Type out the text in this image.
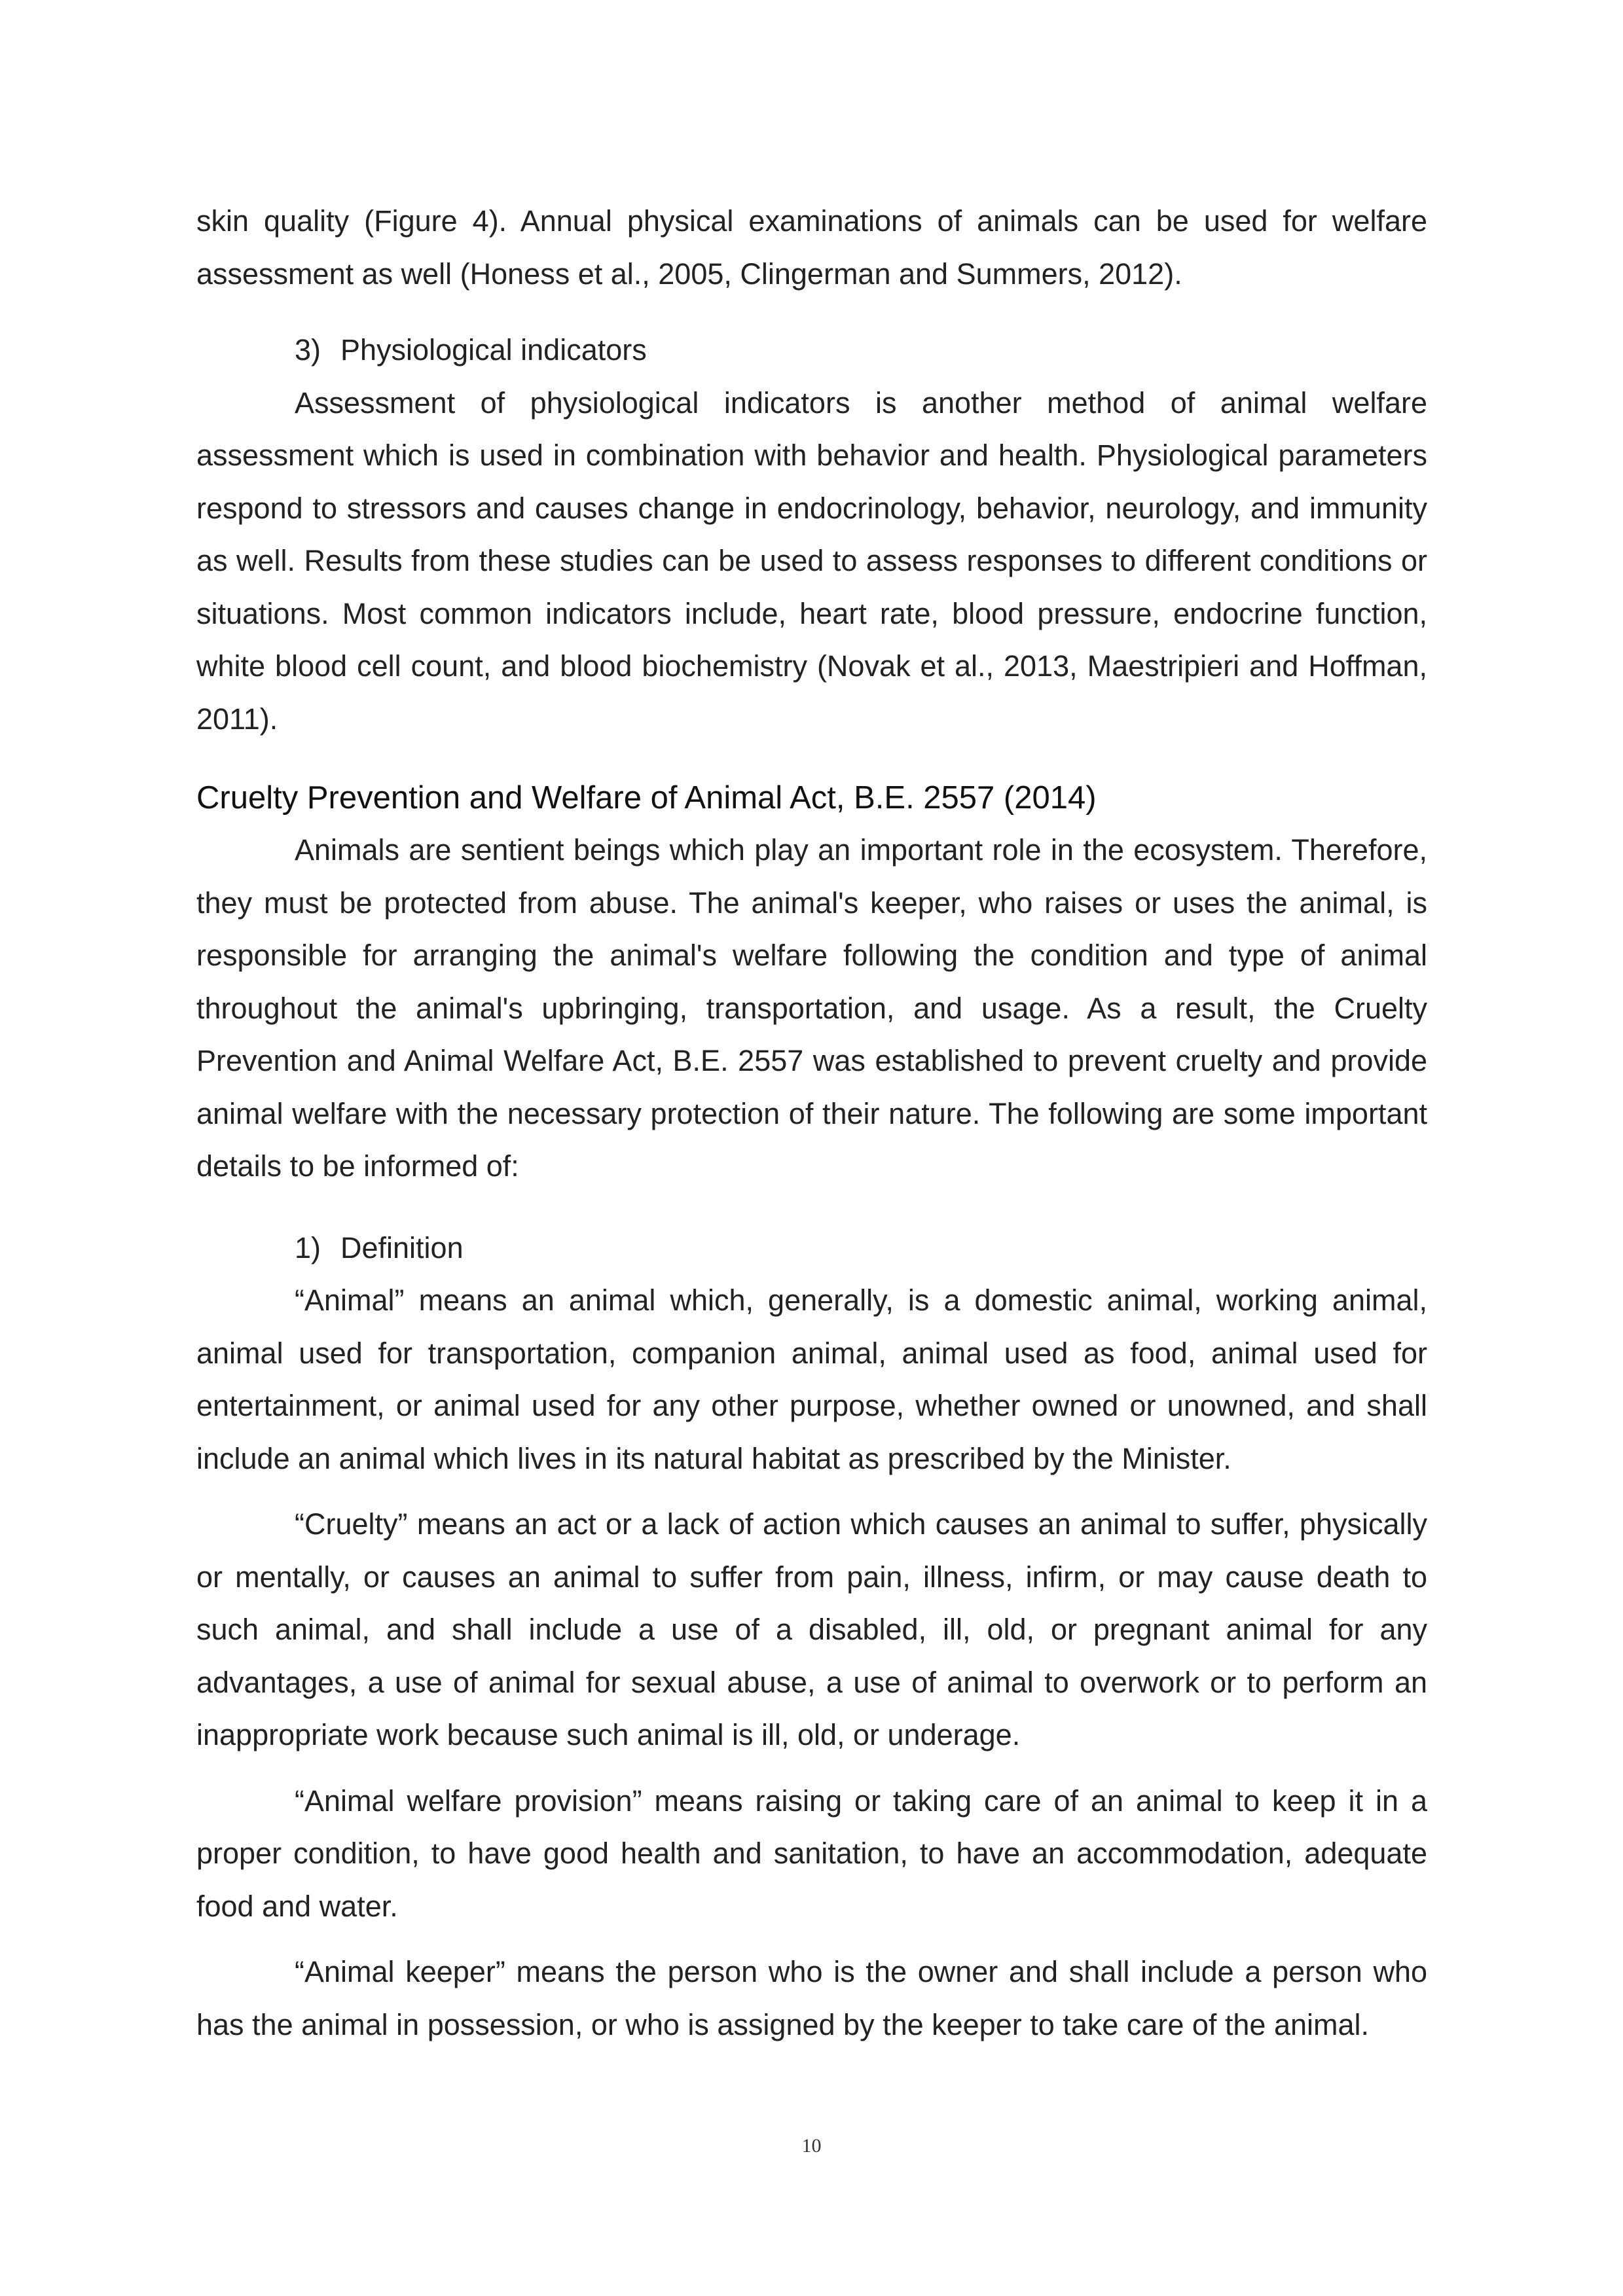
skin quality (Figure 4). Annual physical examinations of animals can be used for welfare assessment as well (Honess et al., 2005, Clingerman and Summers, 2012).

3) Physiological indicators

Assessment of physiological indicators is another method of animal welfare assessment which is used in combination with behavior and health. Physiological parameters respond to stressors and causes change in endocrinology, behavior, neurology, and immunity as well. Results from these studies can be used to assess responses to different conditions or situations. Most common indicators include, heart rate, blood pressure, endocrine function, white blood cell count, and blood biochemistry (Novak et al., 2013, Maestripieri and Hoffman, 2011).

Cruelty Prevention and Welfare of Animal Act, B.E. 2557 (2014)

Animals are sentient beings which play an important role in the ecosystem. Therefore, they must be protected from abuse. The animal's keeper, who raises or uses the animal, is responsible for arranging the animal's welfare following the condition and type of animal throughout the animal's upbringing, transportation, and usage. As a result, the Cruelty Prevention and Animal Welfare Act, B.E. 2557 was established to prevent cruelty and provide animal welfare with the necessary protection of their nature. The following are some important details to be informed of:

1) Definition

“Animal” means an animal which, generally, is a domestic animal, working animal, animal used for transportation, companion animal, animal used as food, animal used for entertainment, or animal used for any other purpose, whether owned or unowned, and shall include an animal which lives in its natural habitat as prescribed by the Minister.

“Cruelty” means an act or a lack of action which causes an animal to suffer, physically or mentally, or causes an animal to suffer from pain, illness, infirm, or may cause death to such animal, and shall include a use of a disabled, ill, old, or pregnant animal for any advantages, a use of animal for sexual abuse, a use of animal to overwork or to perform an inappropriate work because such animal is ill, old, or underage.

“Animal welfare provision” means raising or taking care of an animal to keep it in a proper condition, to have good health and sanitation, to have an accommodation, adequate food and water.

“Animal keeper” means the person who is the owner and shall include a person who has the animal in possession, or who is assigned by the keeper to take care of the animal.

10
